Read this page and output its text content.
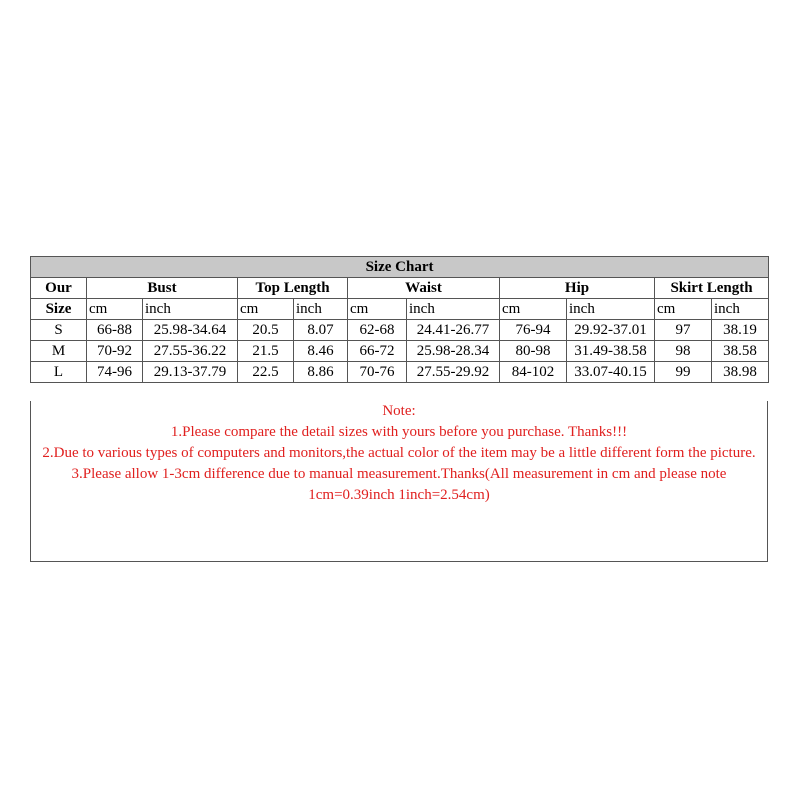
Size Chart										
Our	Bust		Top Length		Waist		Hip		Skirt Length	
Size	cm	inch	cm	inch	cm	inch	cm	inch	cm	inch
S	66-88	25.98-34.64	20.5	8.07	62-68	24.41-26.77	76-94	29.92-37.01	97	38.19
M	70-92	27.55-36.22	21.5	8.46	66-72	25.98-28.34	80-98	31.49-38.58	98	38.58
L	74-96	29.13-37.79	22.5	8.86	70-76	27.55-29.92	84-102	33.07-40.15	99	38.98
Note:
1.Please compare the detail sizes with yours before you purchase. Thanks!!!
2.Due to various types of computers and monitors,the actual color of the item may be a little different form the picture.
3.Please allow 1-3cm difference due to manual measurement.Thanks(All measurement in cm and please note 1cm=0.39inch 1inch=2.54cm)
